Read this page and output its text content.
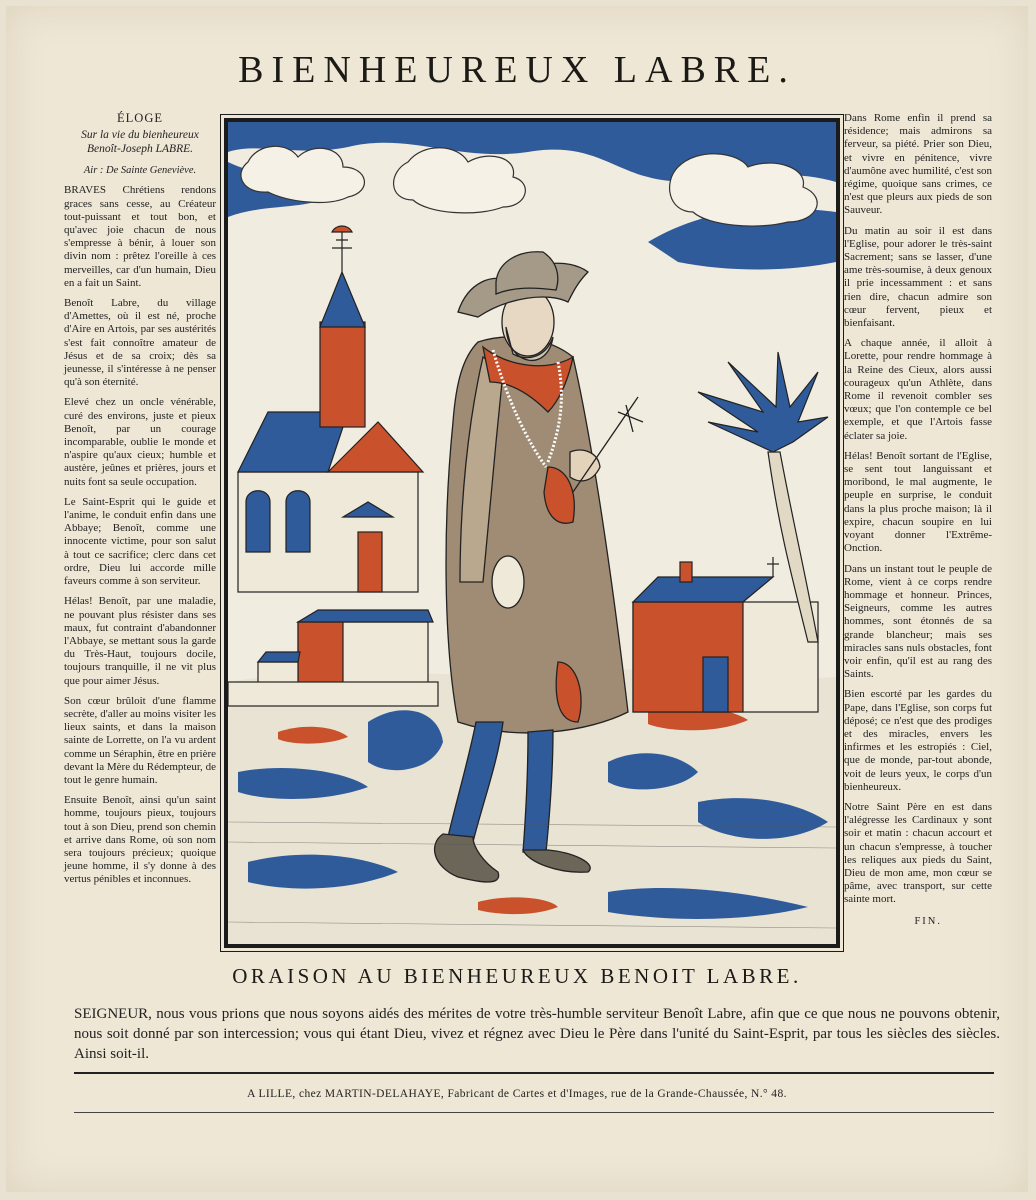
BIENHEUREUX LABRE.
ÉLOGE
Sur la vie du bienheureux
Benoît-Joseph LABRE.
Air : De Sainte Geneviève.

BRAVES Chrétiens rendons graces sans cesse, au Créateur tout-puissant et tout bon, et qu'avec joie chacun de nous s'empresse à bénir, à louer son divin nom : prêtez l'oreille à ces merveilles, car d'un humain, Dieu en a fait un Saint.

Benoît Labre, du village d'Amettes, où il est né, proche d'Aire en Artois, par ses austérités s'est fait connoître amateur de Jésus et de sa croix; dès sa jeunesse, il s'intéresse à ne penser qu'à son éternité.

Elevé chez un oncle vénérable, curé des environs, juste et pieux Benoît, par un courage incomparable, oublie le monde et n'aspire qu'aux cieux; humble et austère, jeûnes et prières, jours et nuits font sa seule occupation.

Le Saint-Esprit qui le guide et l'anime, le conduit enfin dans une Abbaye; Benoît, comme une innocente victime, pour son salut à tout ce sacrifice; clerc dans cet ordre, Dieu lui accorde mille faveurs comme à son serviteur.

Hélas! Benoît, par une maladie, ne pouvant plus résister dans ses maux, fut contraint d'abandonner l'Abbaye, se mettant sous la garde du Très-Haut, toujours docile, toujours tranquille, il ne vit plus que pour aimer Jésus.

Son cœur brûloit d'une flamme secrète, d'aller au moins visiter les lieux saints, et dans la maison sainte de Lorrette, on l'a vu ardent comme un Séraphin, être en prière devant la Mère du Rédempteur, de tout le genre humain.

Ensuite Benoît, ainsi qu'un saint homme, toujours pieux, toujours tout à son Dieu, prend son chemin et arrive dans Rome, où son nom sera toujours précieux; quoique jeune homme, il s'y donne à des vertus pénibles et inconnues.

Dans Rome enfin il prend sa résidence; mais admirons sa ferveur, sa piété. Prier son Dieu, et vivre en pénitence, vivre d'aumône avec humilité, c'est son régime, quoique sans crimes, ce n'est que pleurs aux pieds de son Sauveur.

Du matin au soir il est dans l'Eglise, pour adorer le très-saint Sacrement; sans se lasser, d'une ame très-soumise, à deux genoux il prie incessamment : et sans rien dire, chacun admire son cœur fervent, pieux et bienfaisant.

A chaque année, il alloit à Lorette, pour rendre hommage à la Reine des Cieux, alors aussi courageux qu'un Athlète, dans Rome il revenoit combler ses vœux; que l'on contemple ce bel exemple, et que l'Artois fasse éclater sa joie.

Hélas! Benoît sortant de l'Eglise, se sent tout languissant et moribond, le mal augmente, le peuple en surprise, le conduit dans la plus proche maison; là il expire, chacun soupire en lui voyant donner l'Extrême-Onction.

Dans un instant tout le peuple de Rome, vient à ce corps rendre hommage et honneur. Princes, Seigneurs, comme les autres hommes, sont étonnés de sa grande blancheur; mais ses miracles sans nuls obstacles, font voir enfin, qu'il est au rang des Saints.

Bien escorté par les gardes du Pape, dans l'Eglise, son corps fut déposé; ce n'est que des prodiges et des miracles, envers les infirmes et les estropiés : Ciel, que de monde, par-tout abonde, voit de leurs yeux, le corps d'un bienheureux.

Notre Saint Père en est dans l'alégresse les Cardinaux y sont soir et matin : chacun accourt et un chacun s'empresse, à toucher les reliques aux pieds du Saint, Dieu de mon ame, mon cœur se pâme, avec transport, sur cette sainte mort.

FIN.
ORAISON AU BIENHEUREUX BENOIT LABRE.
SEIGNEUR, nous vous prions que nous soyons aidés des mérites de votre très-humble serviteur Benoît Labre, afin que ce que nous ne pouvons obtenir, nous soit donné par son intercession; vous qui étant Dieu, vivez et régnez avec Dieu le Père dans l'unité du Saint-Esprit, par tous les siècles des siècles. Ainsi soit-il.
A LILLE, chez MARTIN-DELAHAYE, Fabricant de Cartes et d'Images, rue de la Grande-Chaussée, N.° 48.
